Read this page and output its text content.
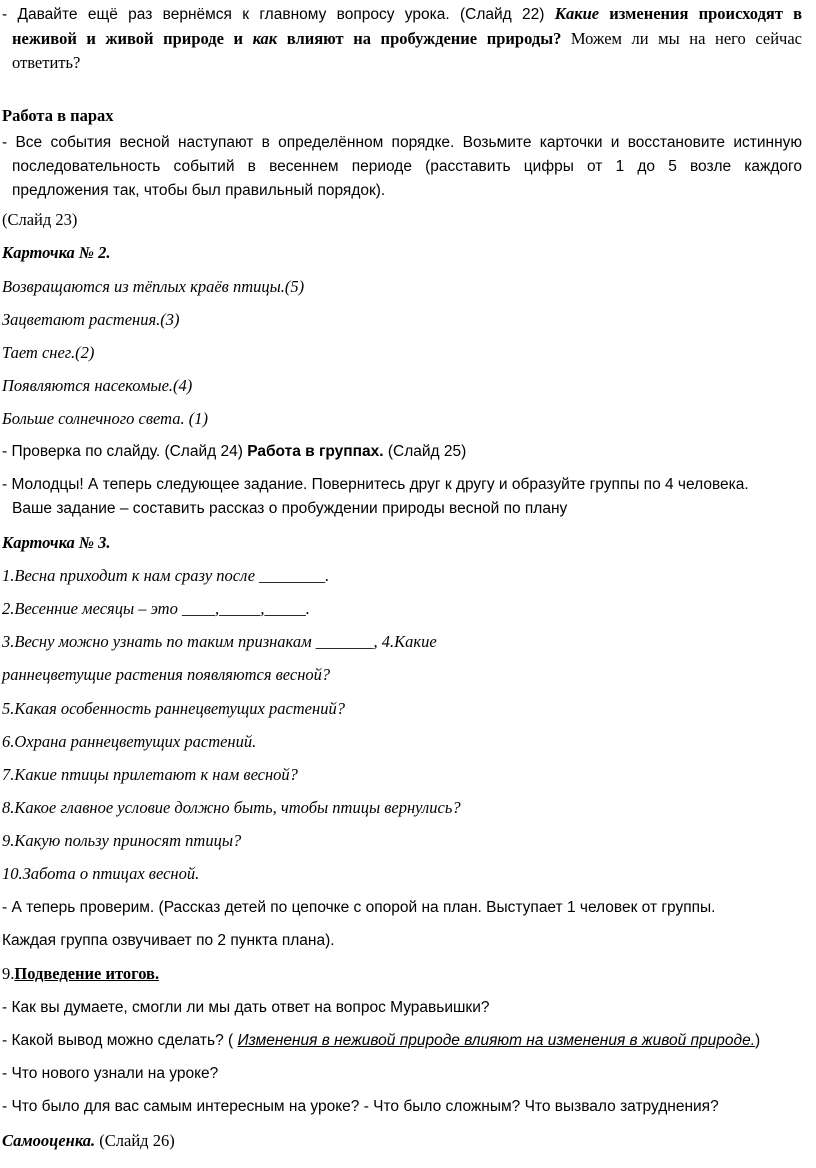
- Давайте ещё раз вернёмся к главному вопросу урока. (Слайд 22) Какие изменения происходят в
неживой и живой природе и как влияют на пробуждение природы? Можем ли мы на него сейчас
ответить?
Работа в парах
- Все события весной наступают в определённом порядке. Возьмите карточки и восстановите истинную
последовательность событий в весеннем периоде (расставить цифры от 1 до 5 возле каждого
предложения так, чтобы был правильный порядок).
(Слайд 23)
Карточка № 2.
Возвращаются из тёплых краёв птицы.(5)
Зацветают растения.(3)
Тает снег.(2)
Появляются насекомые.(4)
Больше солнечного света. (1)
- Проверка по слайду. (Слайд 24) Работа в группах. (Слайд 25)
- Молодцы! А теперь следующее задание. Повернитесь друг к другу и образуйте группы по 4 человека.
Ваше задание – составить рассказ о пробуждении природы весной по плану
Карточка № 3.
1.Весна приходит к нам сразу после ________.
2.Весенние месяцы – это ____,_____,_____.
3.Весну можно узнать по таким признакам _______, 4.Какие
раннецветущие растения появляются весной?
5.Какая особенность раннецветущих растений?
6.Охрана раннецветущих растений.
7.Какие птицы прилетают к нам весной?
8.Какое главное условие должно быть, чтобы птицы вернулись?
9.Какую пользу приносят птицы?
10.Забота о птицах весной.
- А теперь проверим. (Рассказ детей по цепочке с опорой на план. Выступает 1 человек от группы.
Каждая группа озвучивает по 2 пункта плана).
9.Подведение итогов.
- Как вы думаете, смогли ли мы дать ответ на вопрос Муравьишки?
- Какой вывод можно сделать? ( Изменения в неживой природе влияют на изменения в живой природе.)
- Что нового узнали на уроке?
- Что было для вас самым интересным на уроке? - Что было сложным? Что вызвало затруднения?
Самооценка. (Слайд 26)
